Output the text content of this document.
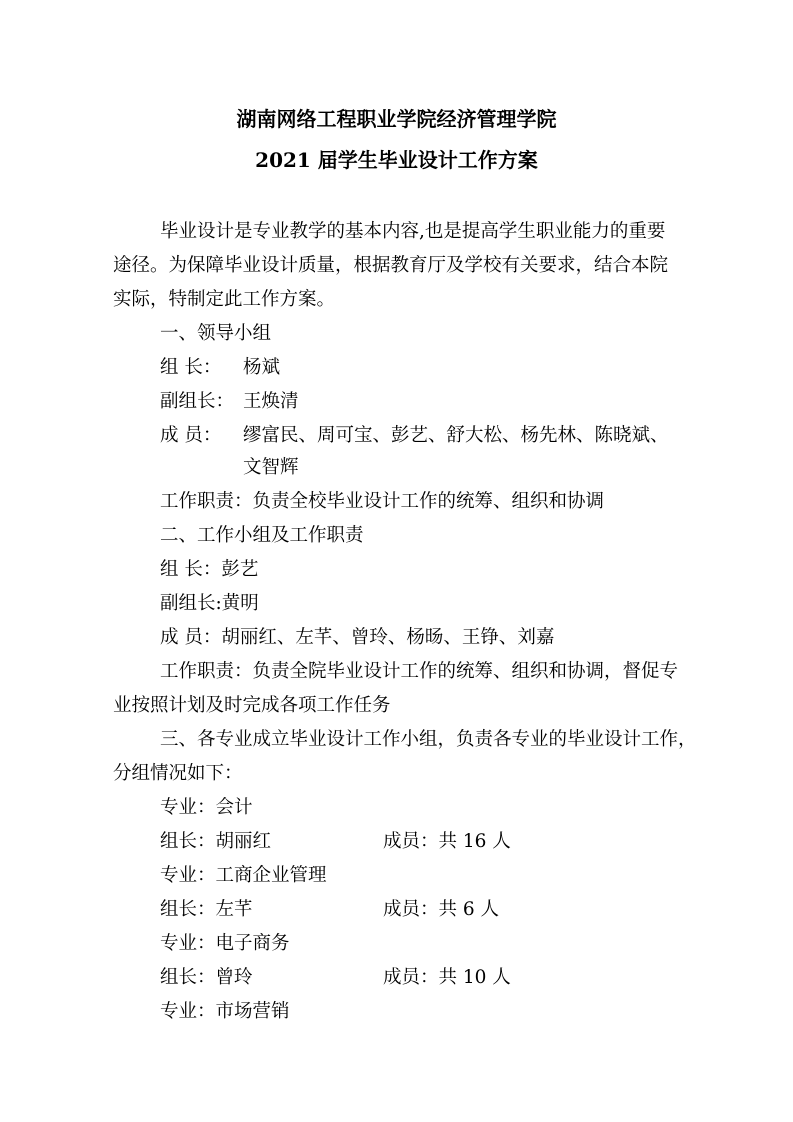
湖南网络工程职业学院经济管理学院
2021 届学生毕业设计工作方案
毕业设计是专业教学的基本内容,也是提高学生职业能力的重要
途径。为保障毕业设计质量，根据教育厅及学校有关要求，结合本院
实际，特制定此工作方案。
一、领导小组
组 长： 杨斌
副组长： 王焕清
成 员： 缪富民、周可宝、彭艺、舒大松、杨先林、陈晓斌、
文智辉
工作职责：负责全校毕业设计工作的统筹、组织和协调
二、工作小组及工作职责
组 长：彭艺
副组长:黄明
成 员：胡丽红、左芊、曾玲、杨旸、王铮、刘嘉
工作职责：负责全院毕业设计工作的统筹、组织和协调，督促专
业按照计划及时完成各项工作任务
三、各专业成立毕业设计工作小组，负责各专业的毕业设计工作，
分组情况如下：
专业：会计
组长：胡丽红	成员：共 16 人
专业：工商企业管理
组长：左芊	成员：共 6 人
专业：电子商务
组长：曾玲	成员：共 10 人
专业：市场营销
